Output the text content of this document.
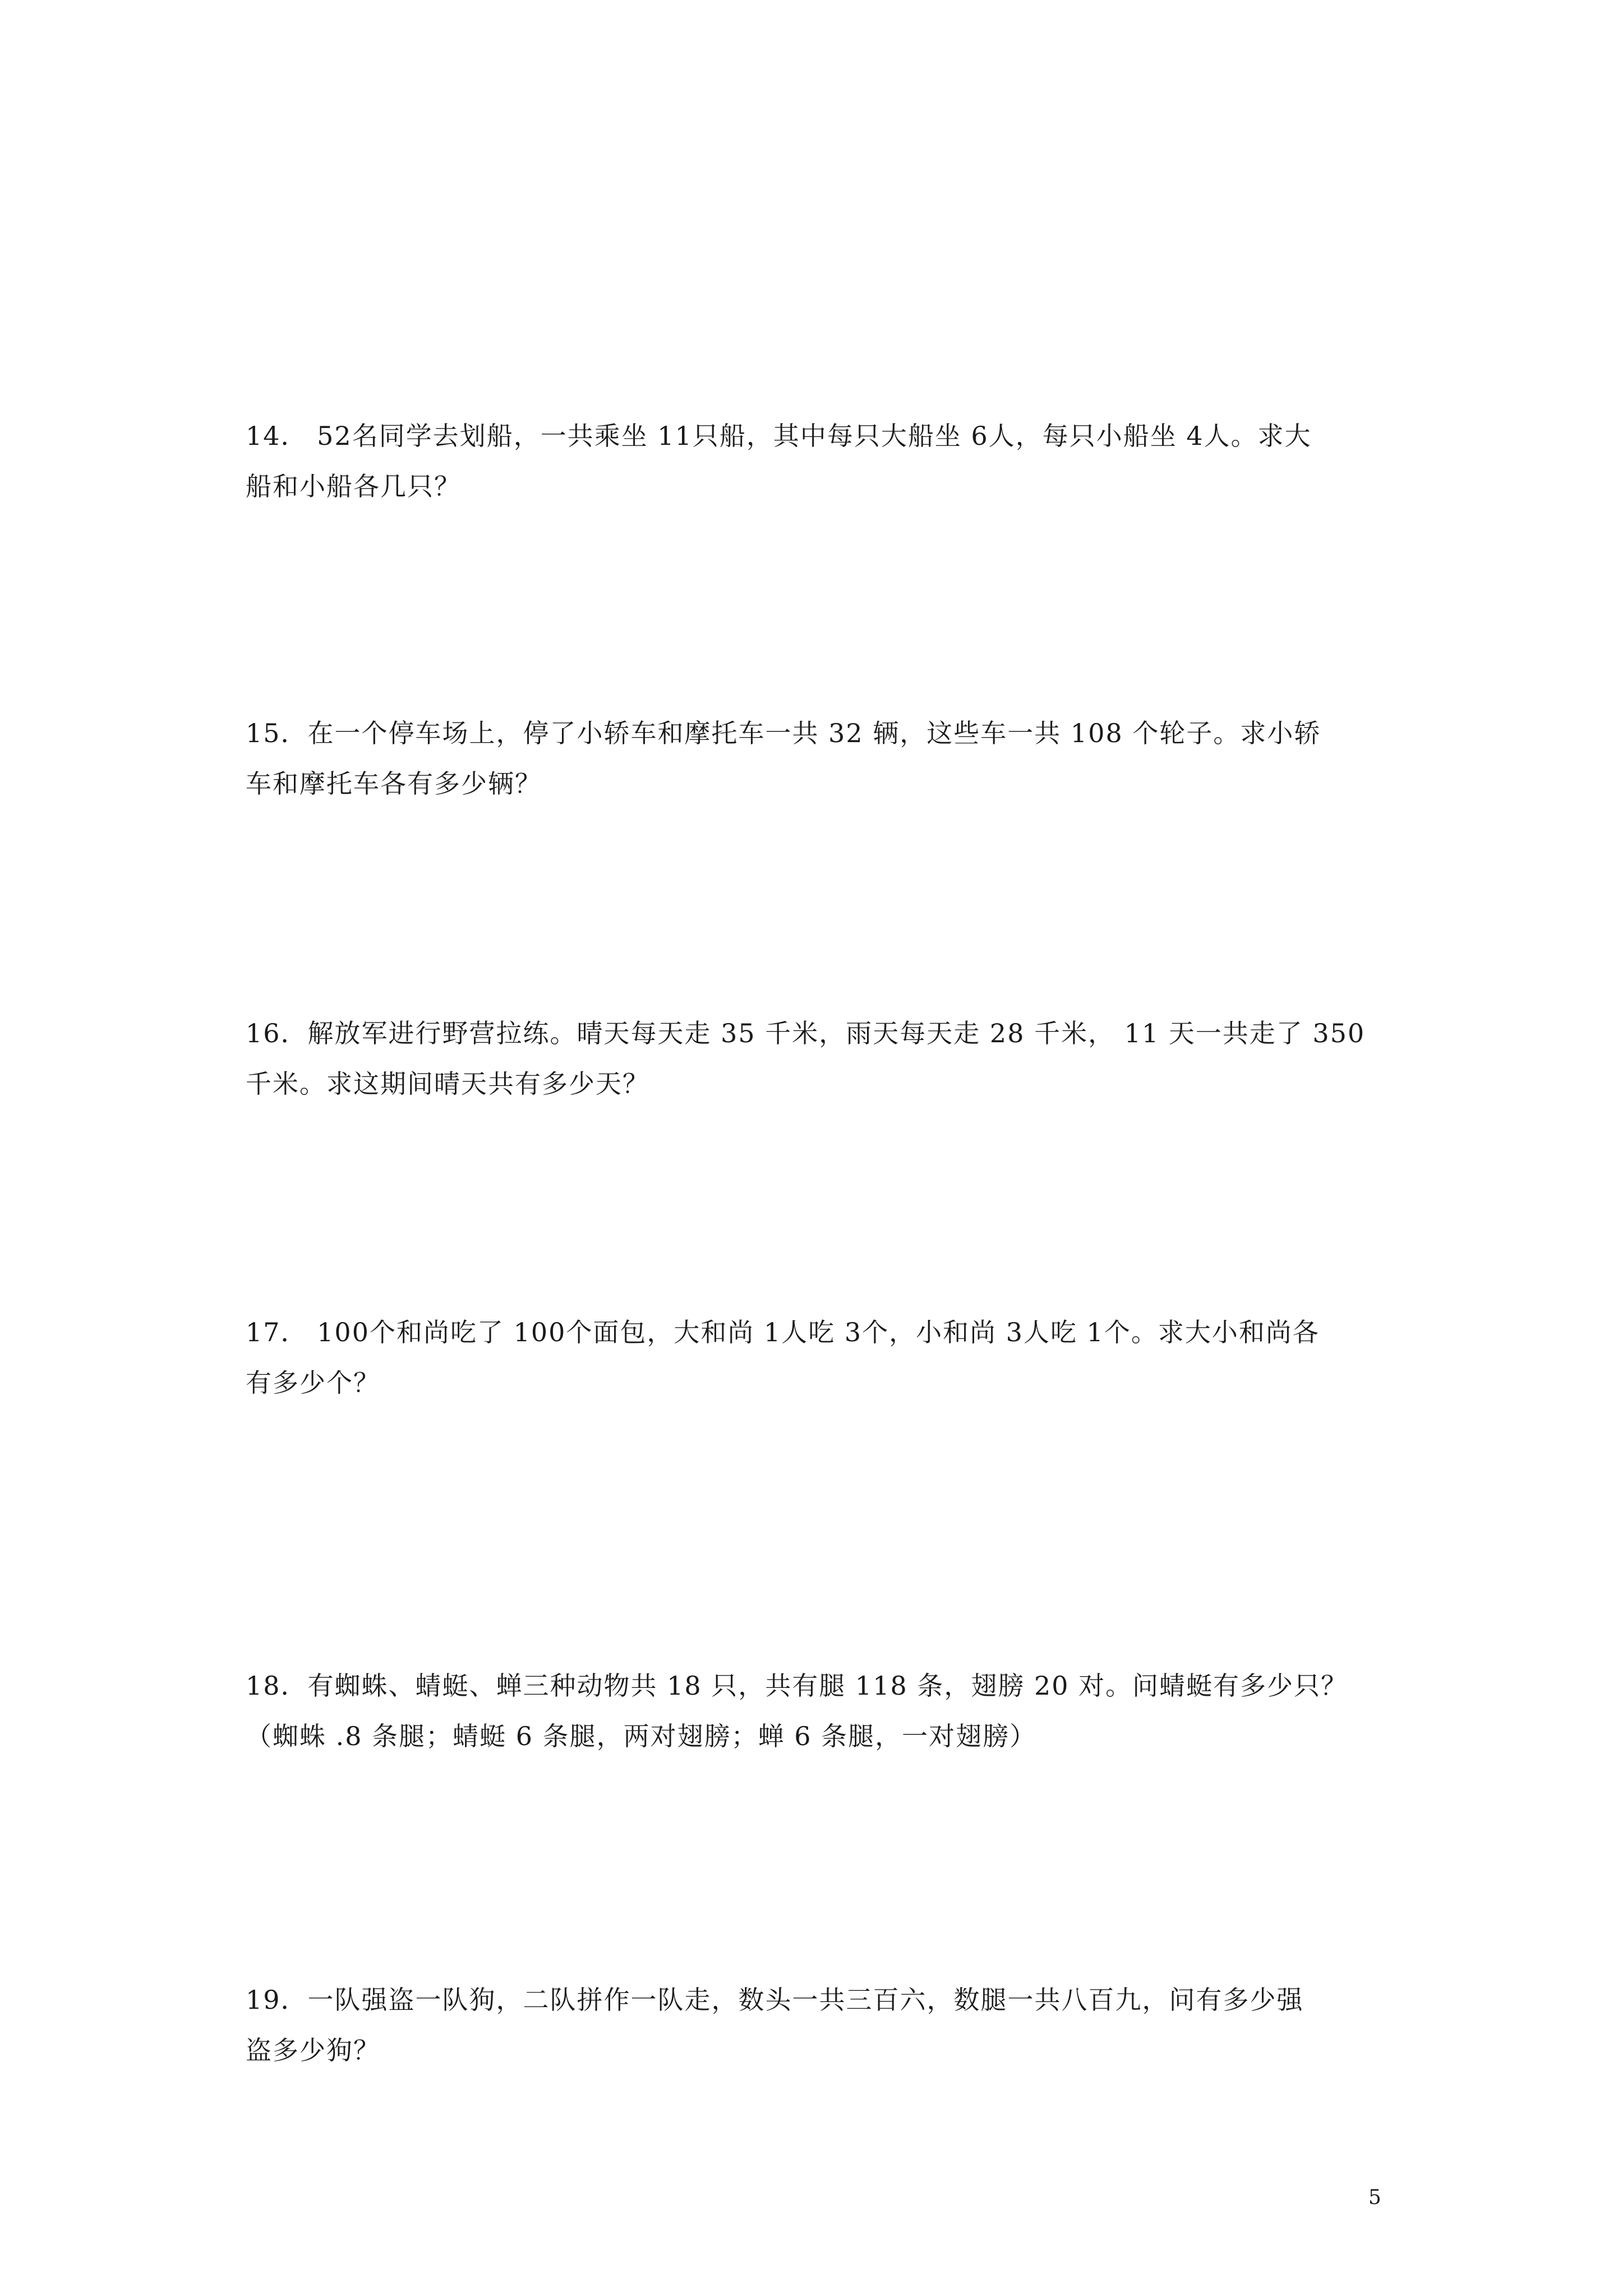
14． 52名同学去划船，一共乘坐 11只船，其中每只大船坐 6人，每只小船坐 4人。求大
船和小船各几只？
15．在一个停车场上，停了小轿车和摩托车一共 32 辆，这些车一共 108 个轮子。求小轿
车和摩托车各有多少辆？
16．解放军进行野营拉练。晴天每天走 35 千米，雨天每天走 28 千米， 11 天一共走了 350
千米。求这期间晴天共有多少天？
17． 100个和尚吃了 100个面包，大和尚 1人吃 3个，小和尚 3人吃 1个。求大小和尚各
有多少个？
18．有蜘蛛、蜻蜓、蝉三种动物共 18 只，共有腿 118 条，翅膀 20 对。问蜻蜓有多少只？
（蜘蛛 .8 条腿；蜻蜓 6 条腿，两对翅膀；蝉 6 条腿，一对翅膀）
19．一队强盗一队狗，二队拼作一队走，数头一共三百六，数腿一共八百九，问有多少强
盗多少狗？
5
